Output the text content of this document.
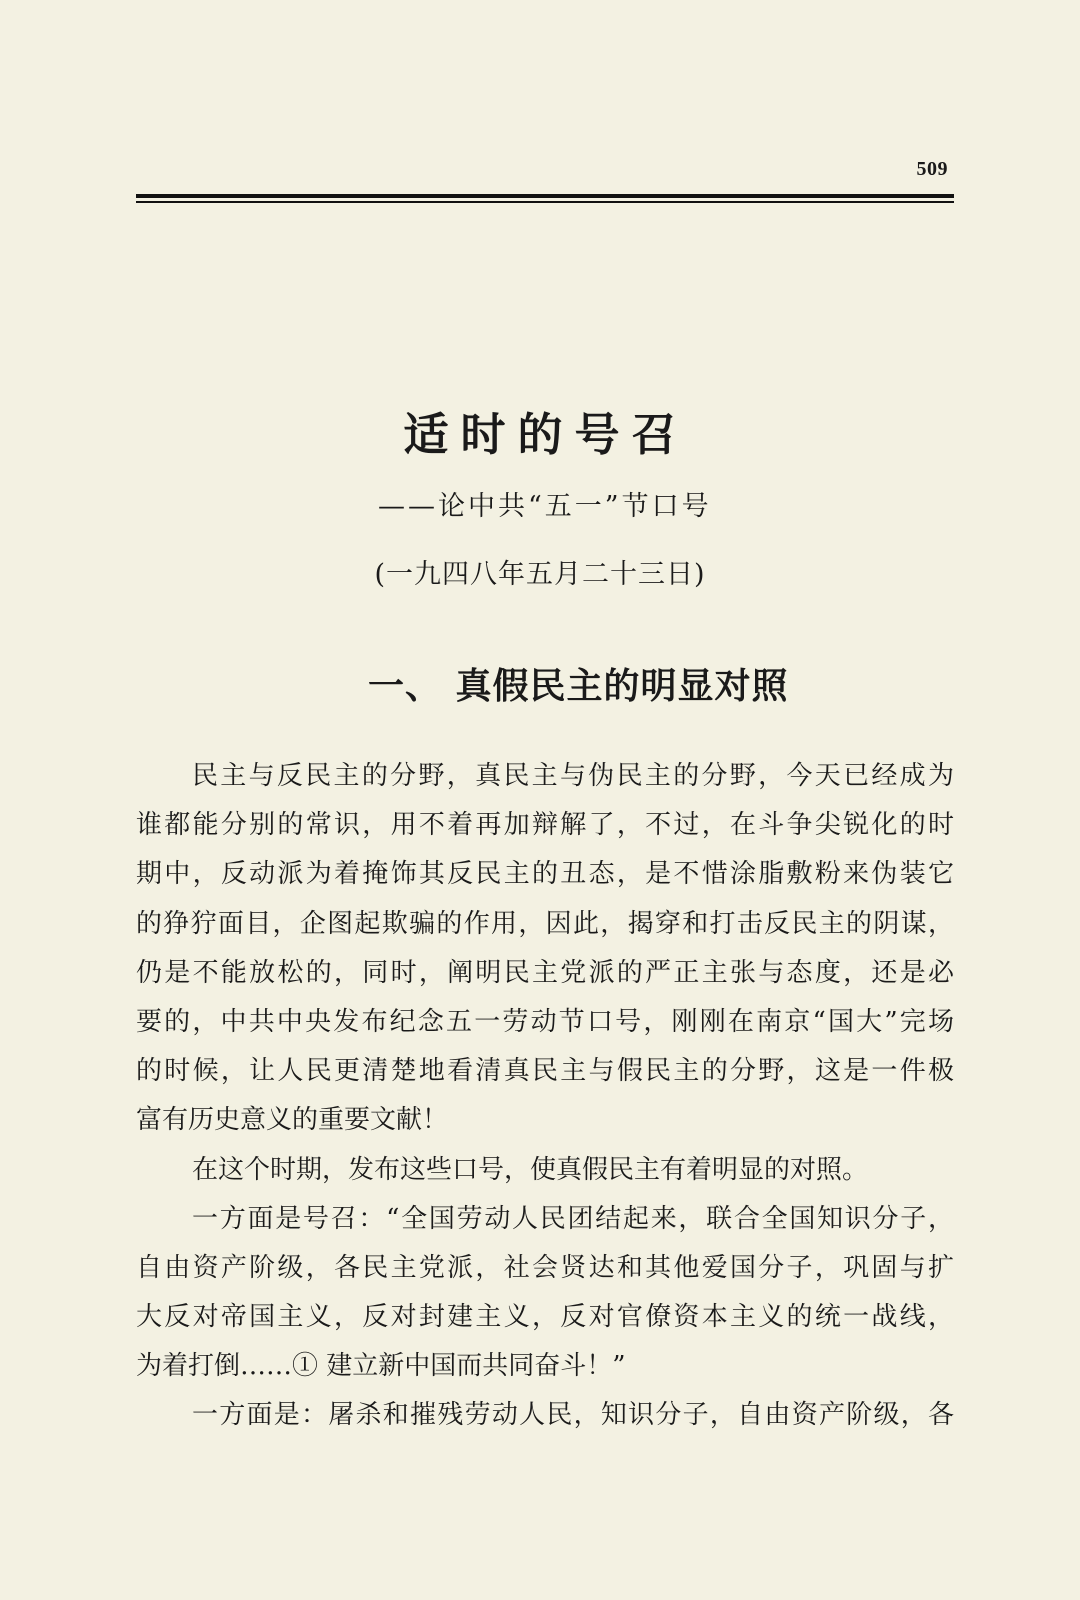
509
适时的号召
——论中共“五一”节口号
(一九四八年五月二十三日)
一、 真假民主的明显对照
民主与反民主的分野，真民主与伪民主的分野，今天已经成为
谁都能分别的常识，用不着再加辩解了，不过，在斗争尖锐化的时
期中，反动派为着掩饰其反民主的丑态，是不惜涂脂敷粉来伪装它
的狰狞面目，企图起欺骗的作用，因此，揭穿和打击反民主的阴谋，
仍是不能放松的，同时，阐明民主党派的严正主张与态度，还是必
要的，中共中央发布纪念五一劳动节口号，刚刚在南京“国大”完场
的时候，让人民更清楚地看清真民主与假民主的分野，这是一件极
富有历史意义的重要文献！
在这个时期，发布这些口号，使真假民主有着明显的对照。
一方面是号召：“全国劳动人民团结起来，联合全国知识分子，
自由资产阶级，各民主党派，社会贤达和其他爱国分子，巩固与扩
大反对帝国主义，反对封建主义，反对官僚资本主义的统一战线，
为着打倒……① 建立新中国而共同奋斗！”
一方面是：屠杀和摧残劳动人民，知识分子，自由资产阶级，各
